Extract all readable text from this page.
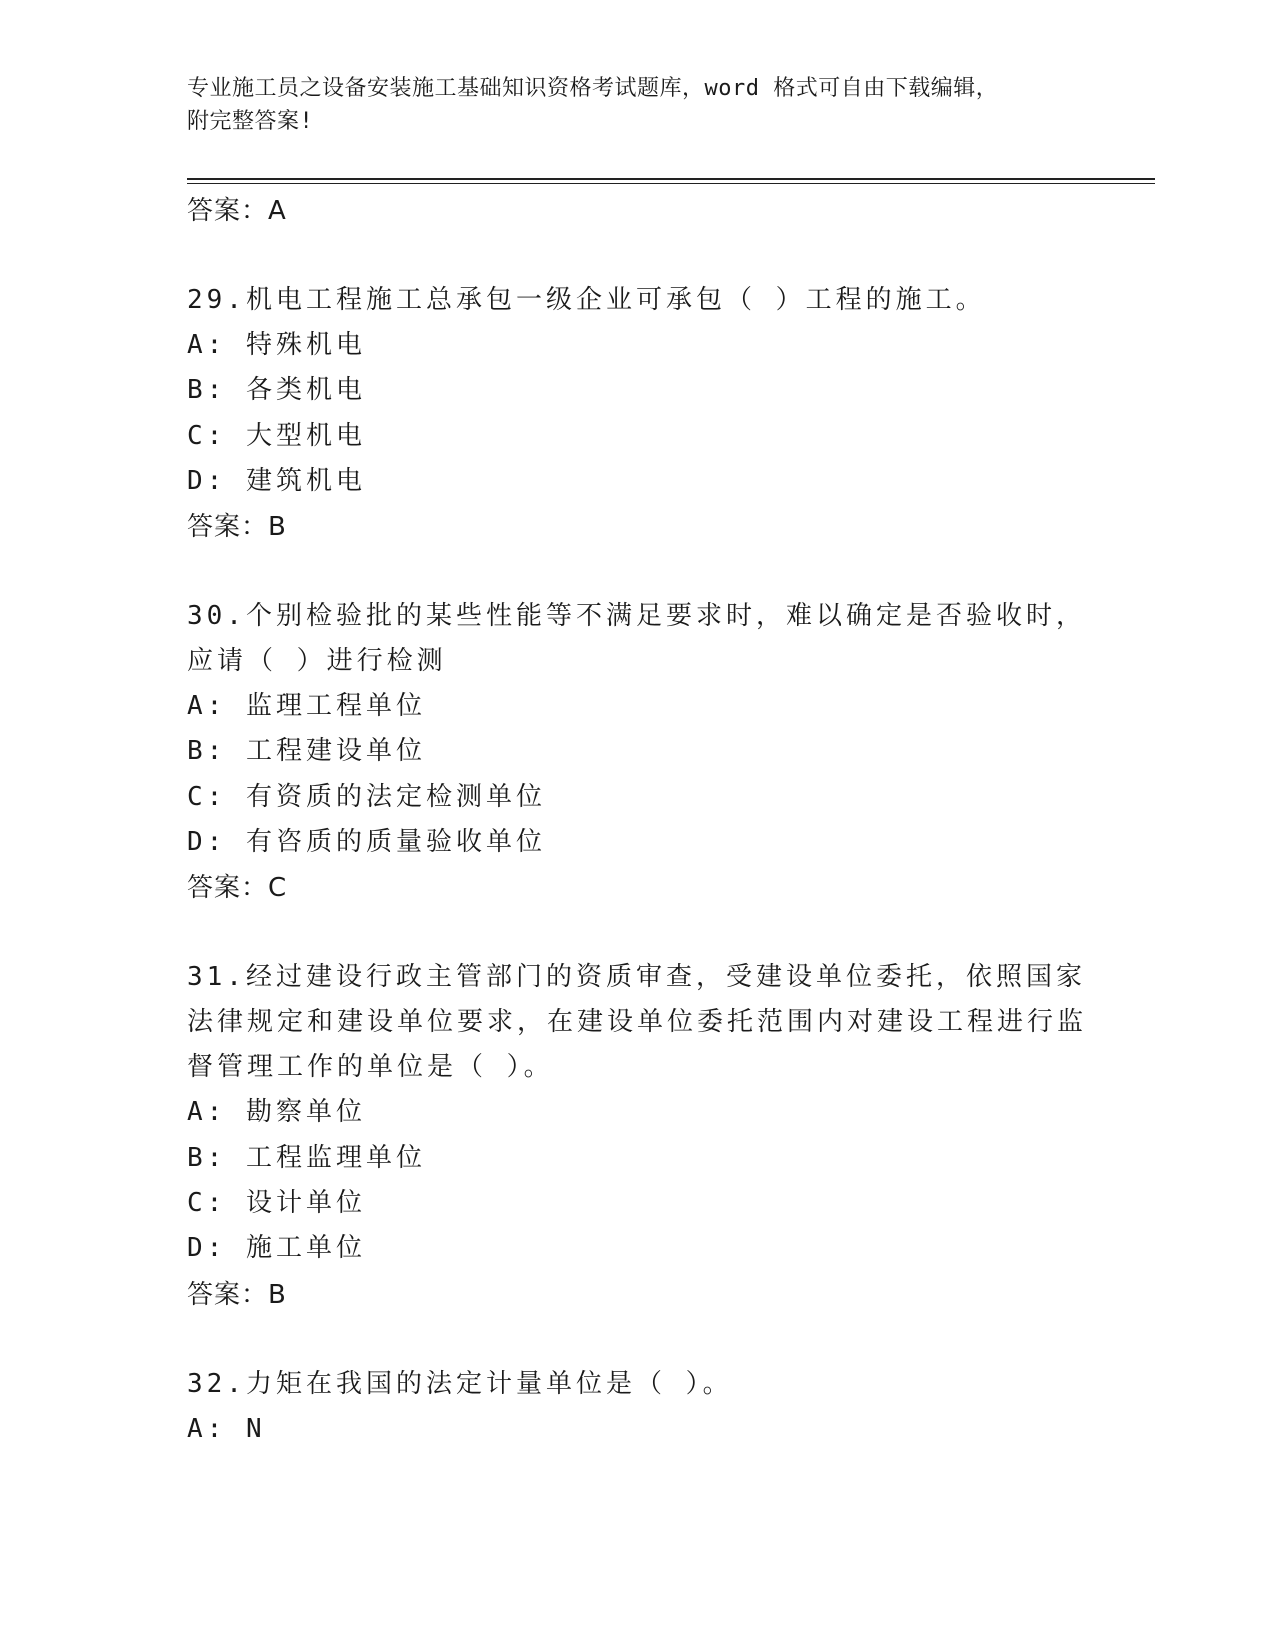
专业施工员之设备安装施工基础知识资格考试题库，word 格式可自由下载编辑，
附完整答案!
答案：A

29.机电工程施工总承包一级企业可承包（ ）工程的施工。

A: 特殊机电
B: 各类机电
C: 大型机电
D: 建筑机电
答案：B

30.个别检验批的某些性能等不满足要求时，难以确定是否验收时，应请（ ）进行检测

A: 监理工程单位
B: 工程建设单位
C: 有资质的法定检测单位
D: 有咨质的质量验收单位
答案：C

31.经过建设行政主管部门的资质审查，受建设单位委托，依照国家法律规定和建设单位要求，在建设单位委托范围内对建设工程进行监督管理工作的单位是（ ）。

A: 勘察单位
B: 工程监理单位
C: 设计单位
D: 施工单位
答案：B

32.力矩在我国的法定计量单位是（ ）。

A: N
